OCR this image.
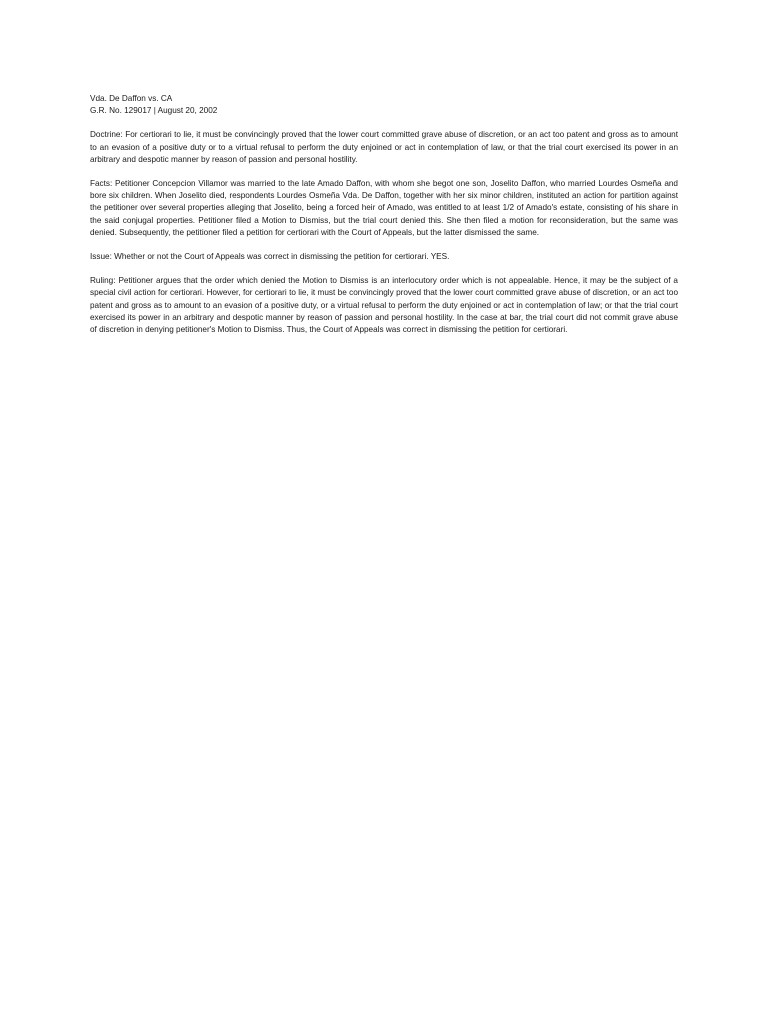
Vda. De Daffon vs. CA

G.R. No. 129017 | August 20, 2002

Doctrine: For certiorari to lie, it must be convincingly proved that the lower court committed grave abuse of discretion, or an act too patent and gross as to amount to an evasion of a positive duty or to a virtual refusal to perform the duty enjoined or act in contemplation of law, or that the trial court exercised its power in an arbitrary and despotic manner by reason of passion and personal hostility.

Facts: Petitioner Concepcion Villamor was married to the late Amado Daffon, with whom she begot one son, Joselito Daffon, who married Lourdes Osmeña and bore six children. When Joselito died, respondents Lourdes Osmeña Vda. De Daffon, together with her six minor children, instituted an action for partition against the petitioner over several properties alleging that Joselito, being a forced heir of Amado, was entitled to at least 1/2 of Amado's estate, consisting of his share in the said conjugal properties. Petitioner filed a Motion to Dismiss, but the trial court denied this. She then filed a motion for reconsideration, but the same was denied. Subsequently, the petitioner filed a petition for certiorari with the Court of Appeals, but the latter dismissed the same.

Issue: Whether or not the Court of Appeals was correct in dismissing the petition for certiorari. YES.

Ruling: Petitioner argues that the order which denied the Motion to Dismiss is an interlocutory order which is not appealable. Hence, it may be the subject of a special civil action for certiorari. However, for certiorari to lie, it must be convincingly proved that the lower court committed grave abuse of discretion, or an act too patent and gross as to amount to an evasion of a positive duty, or a virtual refusal to perform the duty enjoined or act in contemplation of law; or that the trial court exercised its power in an arbitrary and despotic manner by reason of passion and personal hostility. In the case at bar, the trial court did not commit grave abuse of discretion in denying petitioner's Motion to Dismiss. Thus, the Court of Appeals was correct in dismissing the petition for certiorari.
